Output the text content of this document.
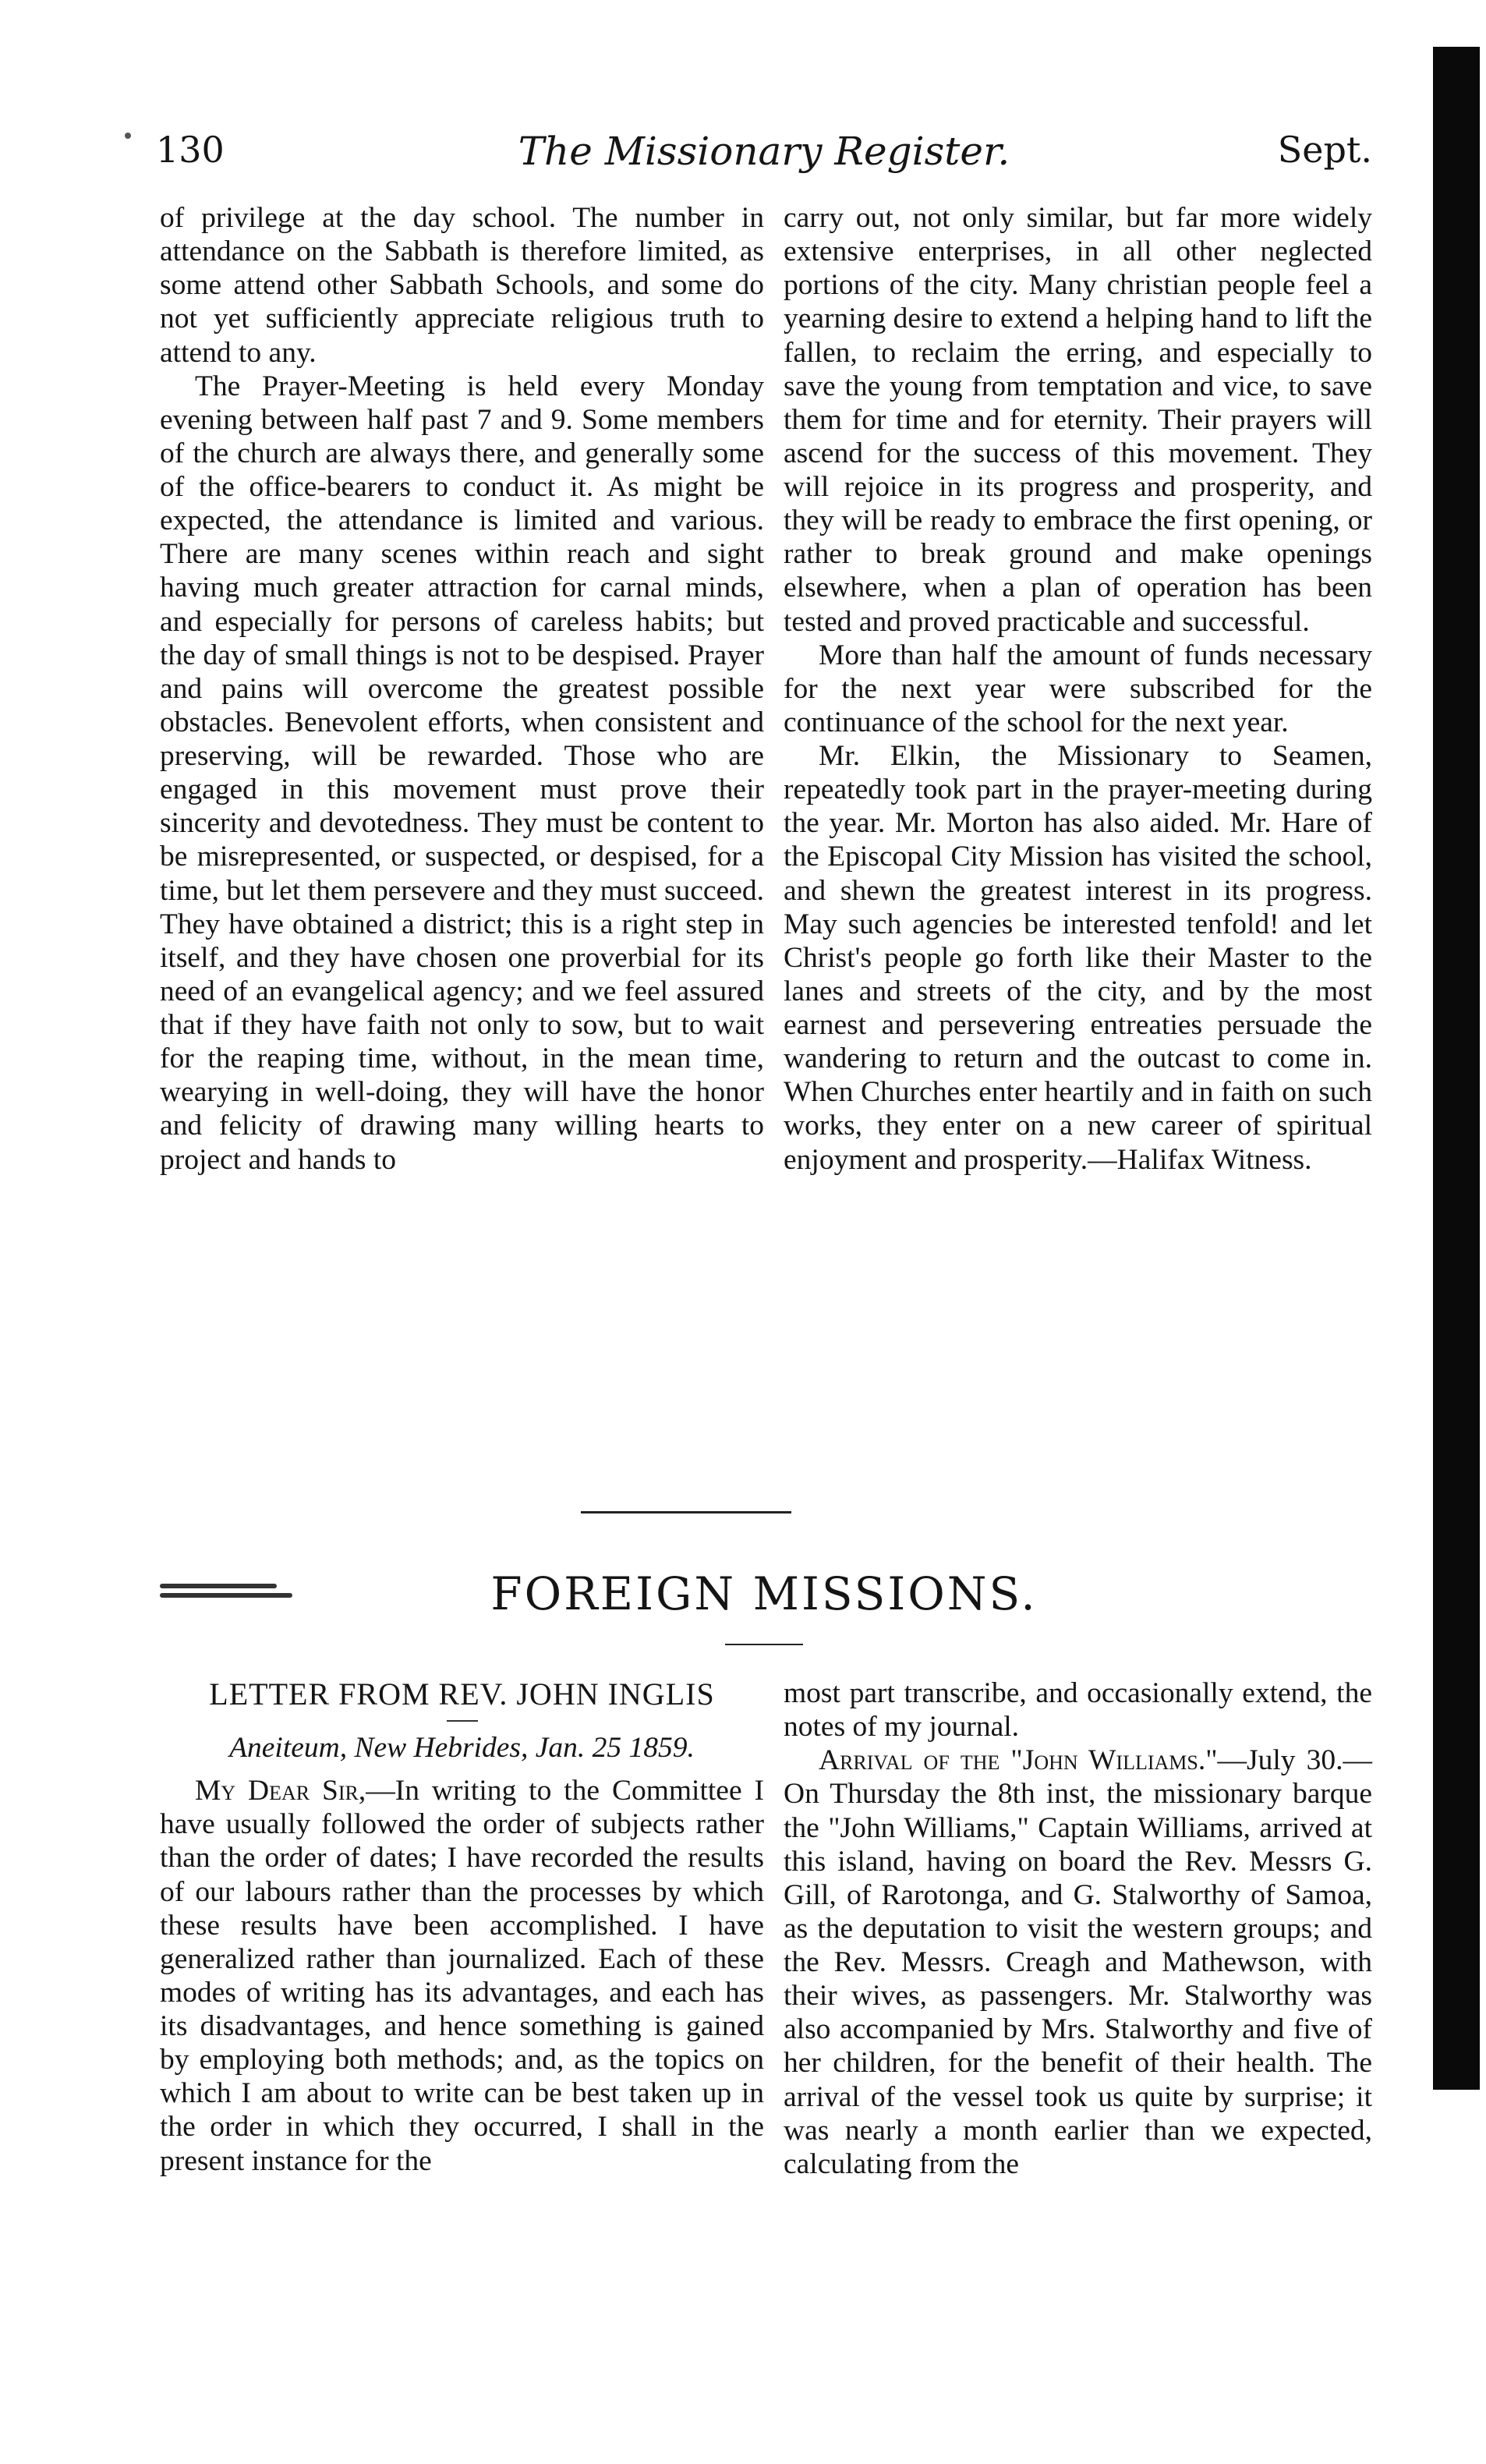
130	The Missionary Register.	Sept.

of privilege at the day school. The number in attendance on the Sabbath is therefore limited, as some attend other Sabbath Schools, and some do not yet sufficiently appreciate religious truth to attend to any.

The Prayer-Meeting is held every Monday evening between half past 7 and 9. Some members of the church are always there, and generally some of the office-bearers to conduct it. As might be expected, the attendance is limited and various. There are many scenes within reach and sight having much greater attraction for carnal minds, and especially for persons of careless habits; but the day of small things is not to be despised. Prayer and pains will overcome the greatest possible obstacles. Benevolent efforts, when consistent and preserving, will be rewarded. Those who are engaged in this movement must prove their sincerity and devotedness. They must be content to be misrepresented, or suspected, or despised, for a time, but let them persevere and they must succeed. They have obtained a district; this is a right step in itself, and they have chosen one proverbial for its need of an evangelical agency; and we feel assured that if they have faith not only to sow, but to wait for the reaping time, without, in the mean time, wearying in well-doing, they will have the honor and felicity of drawing many willing hearts to project and hands to

carry out, not only similar, but far more widely extensive enterprises, in all other neglected portions of the city. Many christian people feel a yearning desire to extend a helping hand to lift the fallen, to reclaim the erring, and especially to save the young from temptation and vice, to save them for time and for eternity. Their prayers will ascend for the success of this movement. They will rejoice in its progress and prosperity, and they will be ready to embrace the first opening, or rather to break ground and make openings elsewhere, when a plan of operation has been tested and proved practicable and successful.

More than half the amount of funds necessary for the next year were subscribed for the continuance of the school for the next year.

Mr. Elkin, the Missionary to Seamen, repeatedly took part in the prayer-meeting during the year. Mr. Morton has also aided. Mr. Hare of the Episcopal City Mission has visited the school, and shewn the greatest interest in its progress. May such agencies be interested tenfold! and let Christ's people go forth like their Master to the lanes and streets of the city, and by the most earnest and persevering entreaties persuade the wandering to return and the outcast to come in. When Churches enter heartily and in faith on such works, they enter on a new career of spiritual enjoyment and prosperity.—Halifax Witness.

FOREIGN MISSIONS.
LETTER FROM REV. JOHN INGLIS
Aneiteum, New Hebrides, Jan. 25 1859.

My Dear Sir,—In writing to the Committee I have usually followed the order of subjects rather than the order of dates; I have recorded the results of our labours rather than the processes by which these results have been accomplished. I have generalized rather than journalized. Each of these modes of writing has its advantages, and each has its disadvantages, and hence something is gained by employing both methods; and, as the topics on which I am about to write can be best taken up in the order in which they occurred, I shall in the present instance for the

most part transcribe, and occasionally extend, the notes of my journal.

Arrival of the "John Williams."—July 30.—On Thursday the 8th inst, the missionary barque the "John Williams," Captain Williams, arrived at this island, having on board the Rev. Messrs G. Gill, of Rarotonga, and G. Stalworthy of Samoa, as the deputation to visit the western groups; and the Rev. Messrs. Creagh and Mathewson, with their wives, as passengers. Mr. Stalworthy was also accompanied by Mrs. Stalworthy and five of her children, for the benefit of their health. The arrival of the vessel took us quite by surprise; it was nearly a month earlier than we expected, calculating from the
